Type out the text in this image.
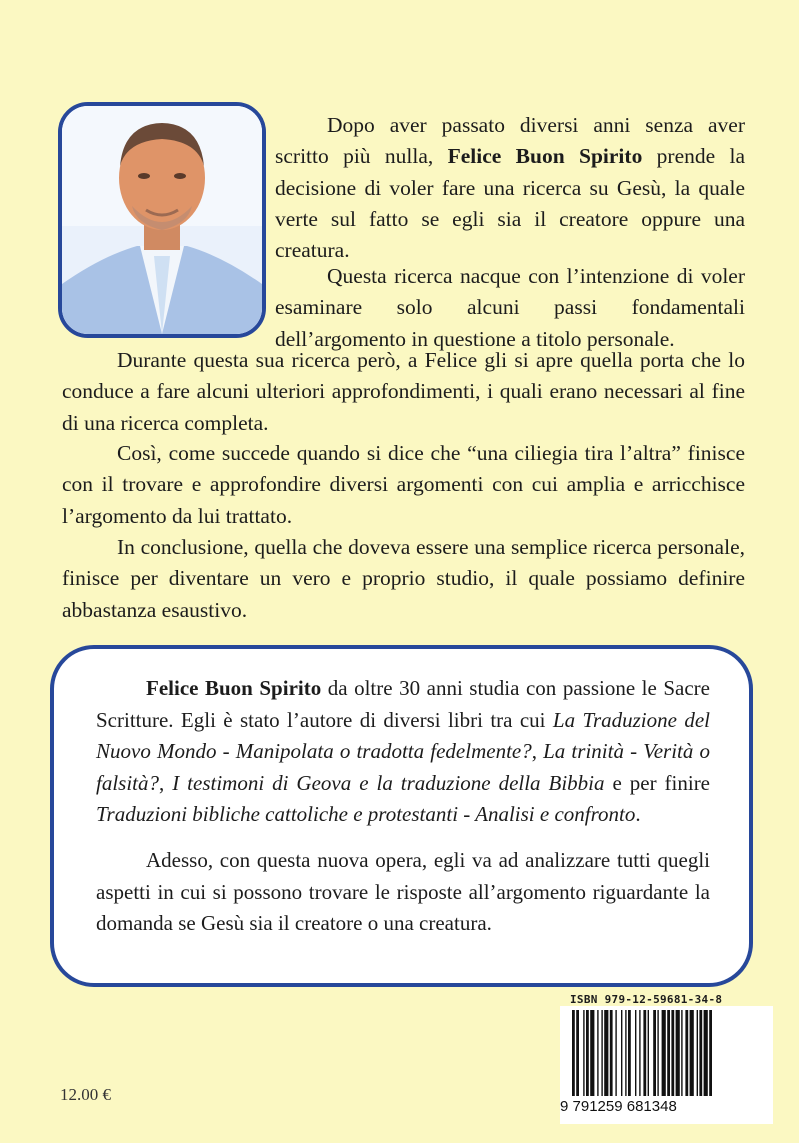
Dopo aver passato diversi anni senza aver scritto più nulla, Felice Buon Spirito prende la decisione di voler fare una ricerca su Gesù, la quale verte sul fatto se egli sia il creatore oppure una creatura.

Questa ricerca nacque con l’intenzione di voler esaminare solo alcuni passi fondamentali dell’argomento in questione a titolo personale.

Durante questa sua ricerca però, a Felice gli si apre quella porta che lo conduce a fare alcuni ulteriori approfondimenti, i quali erano necessari al fine di una ricerca completa.

Così, come succede quando si dice che “una ciliegia tira l’altra” finisce con il trovare e approfondire diversi argomenti con cui amplia e arricchisce l’argomento da lui trattato.

In conclusione, quella che doveva essere una semplice ricerca personale, finisce per diventare un vero e proprio studio, il quale possiamo definire abbastanza esaustivo.

Felice Buon Spirito da oltre 30 anni studia con passione le Sacre Scritture. Egli è stato l’autore di diversi libri tra cui La Traduzione del Nuovo Mondo - Manipolata o tradotta fedelmente?, La trinità - Verità o falsità?, I testimoni di Geova e la traduzione della Bibbia e per finire Traduzioni bibliche cattoliche e protestanti - Analisi e confronto.

Adesso, con questa nuova opera, egli va ad analizzare tutti quegli aspetti in cui si possono trovare le risposte all’argomento riguardante la domanda se Gesù sia il creatore o una creatura.

ISBN 979-12-59681-34-8
9 791259 681348
12.00 €
